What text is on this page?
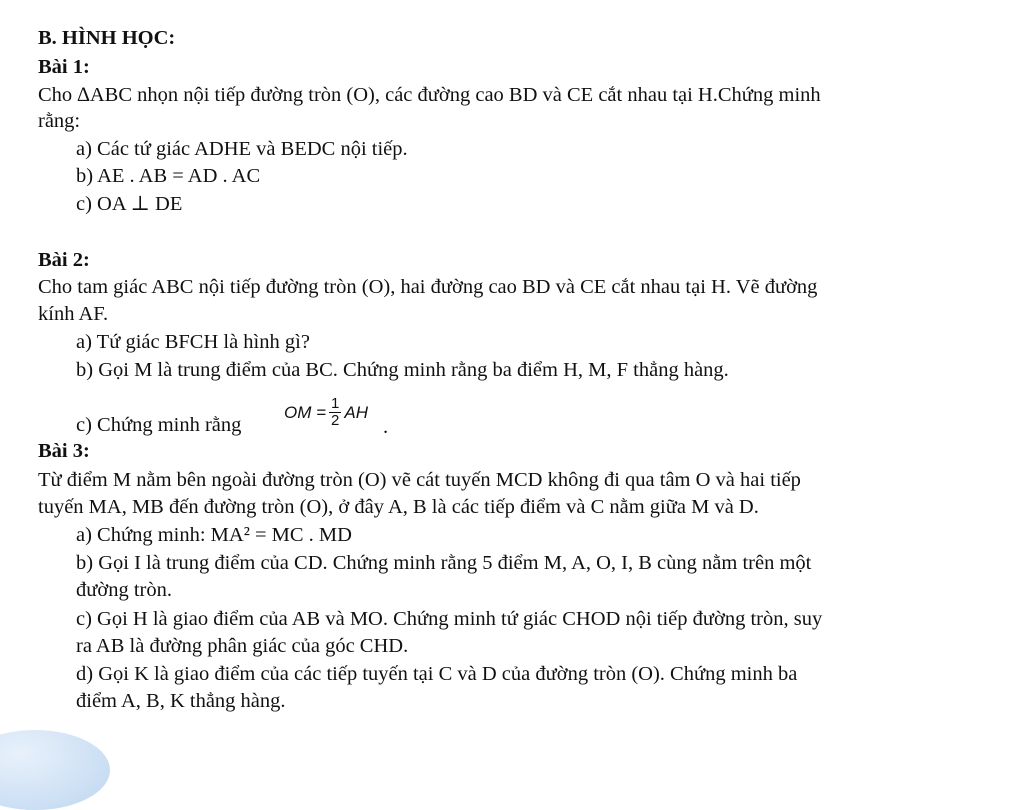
B. HÌNH HỌC:
Bài 1:
Cho ∆ABC nhọn nội tiếp đường tròn (O), các đường cao BD và CE cắt nhau tại H.Chứng minh
rằng:
a) Các tứ giác ADHE và BEDC nội tiếp.
b) AE . AB = AD . AC
c) OA ⊥ DE
Bài 2:
Cho tam giác ABC nội tiếp đường tròn (O), hai đường cao BD và CE cắt nhau tại H. Vẽ đường
kính AF.
a) Tứ giác BFCH là hình gì?
b) Gọi M là trung điểm của BC. Chứng minh rằng ba điểm H, M, F thẳng hàng.
c) Chứng minh rằng
OM = $\frac{1}{2}$ AH
.
Bài 3:
Từ điểm M nằm bên ngoài đường tròn (O) vẽ cát tuyến MCD không đi qua tâm O và hai tiếp
tuyến MA, MB đến đường tròn (O), ở đây A, B là các tiếp điểm và C nằm giữa M và D.
a) Chứng minh: MA² = MC . MD
b) Gọi I là trung điểm của CD. Chứng minh rằng 5 điểm M, A, O, I, B cùng nằm trên một
đường tròn.
c) Gọi H là giao điểm của AB và MO. Chứng minh tứ giác CHOD nội tiếp đường tròn, suy
ra AB là đường phân giác của góc CHD.
d) Gọi K là giao điểm của các tiếp tuyến tại C và D của đường tròn (O). Chứng minh ba
điểm A, B, K thẳng hàng.
